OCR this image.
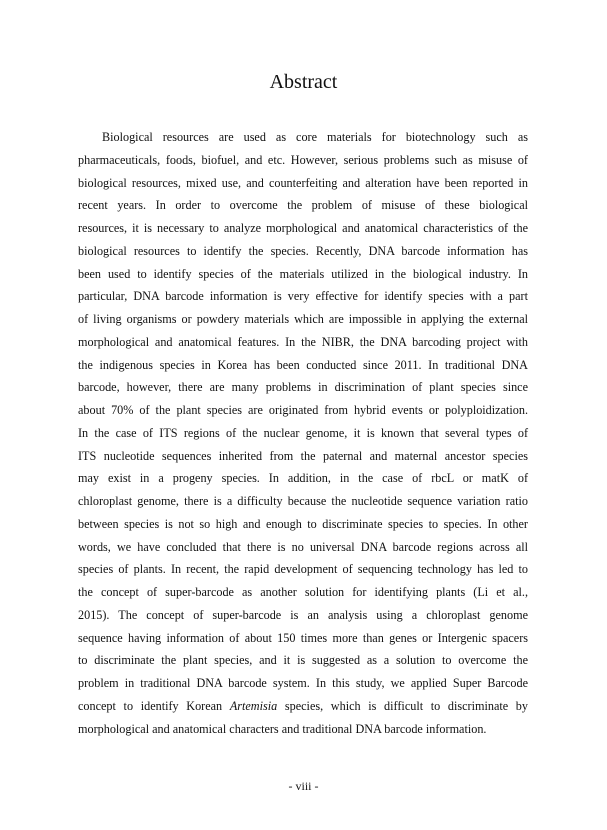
Abstract
Biological resources are used as core materials for biotechnology such as
pharmaceuticals, foods, biofuel, and etc. However, serious problems such as misuse of
biological resources, mixed use, and counterfeiting and alteration have been reported in
recent years. In order to overcome the problem of misuse of these biological
resources, it is necessary to analyze morphological and anatomical characteristics of the
biological resources to identify the species. Recently, DNA barcode information has
been used to identify species of the materials utilized in the biological industry. In
particular, DNA barcode information is very effective for identify species with a part
of living organisms or powdery materials which are impossible in applying the external
morphological and anatomical features. In the NIBR, the DNA barcoding project with
the indigenous species in Korea has been conducted since 2011. In traditional DNA
barcode, however, there are many problems in discrimination of plant species since
about 70% of the plant species are originated from hybrid events or polyploidization.
In the case of ITS regions of the nuclear genome, it is known that several types of
ITS nucleotide sequences inherited from the paternal and maternal ancestor species
may exist in a progeny species. In addition, in the case of rbcL or matK of
chloroplast genome, there is a difficulty because the nucleotide sequence variation ratio
between species is not so high and enough to discriminate species to species. In other
words, we have concluded that there is no universal DNA barcode regions across all
species of plants. In recent, the rapid development of sequencing technology has led to
the concept of super-barcode as another solution for identifying plants (Li et al.,
2015). The concept of super-barcode is an analysis using a chloroplast genome
sequence having information of about 150 times more than genes or Intergenic spacers
to discriminate the plant species, and it is suggested as a solution to overcome the
problem in traditional DNA barcode system. In this study, we applied Super Barcode
concept to identify Korean Artemisia species, which is difficult to discriminate by
morphological and anatomical characters and traditional DNA barcode information.
- viii -
